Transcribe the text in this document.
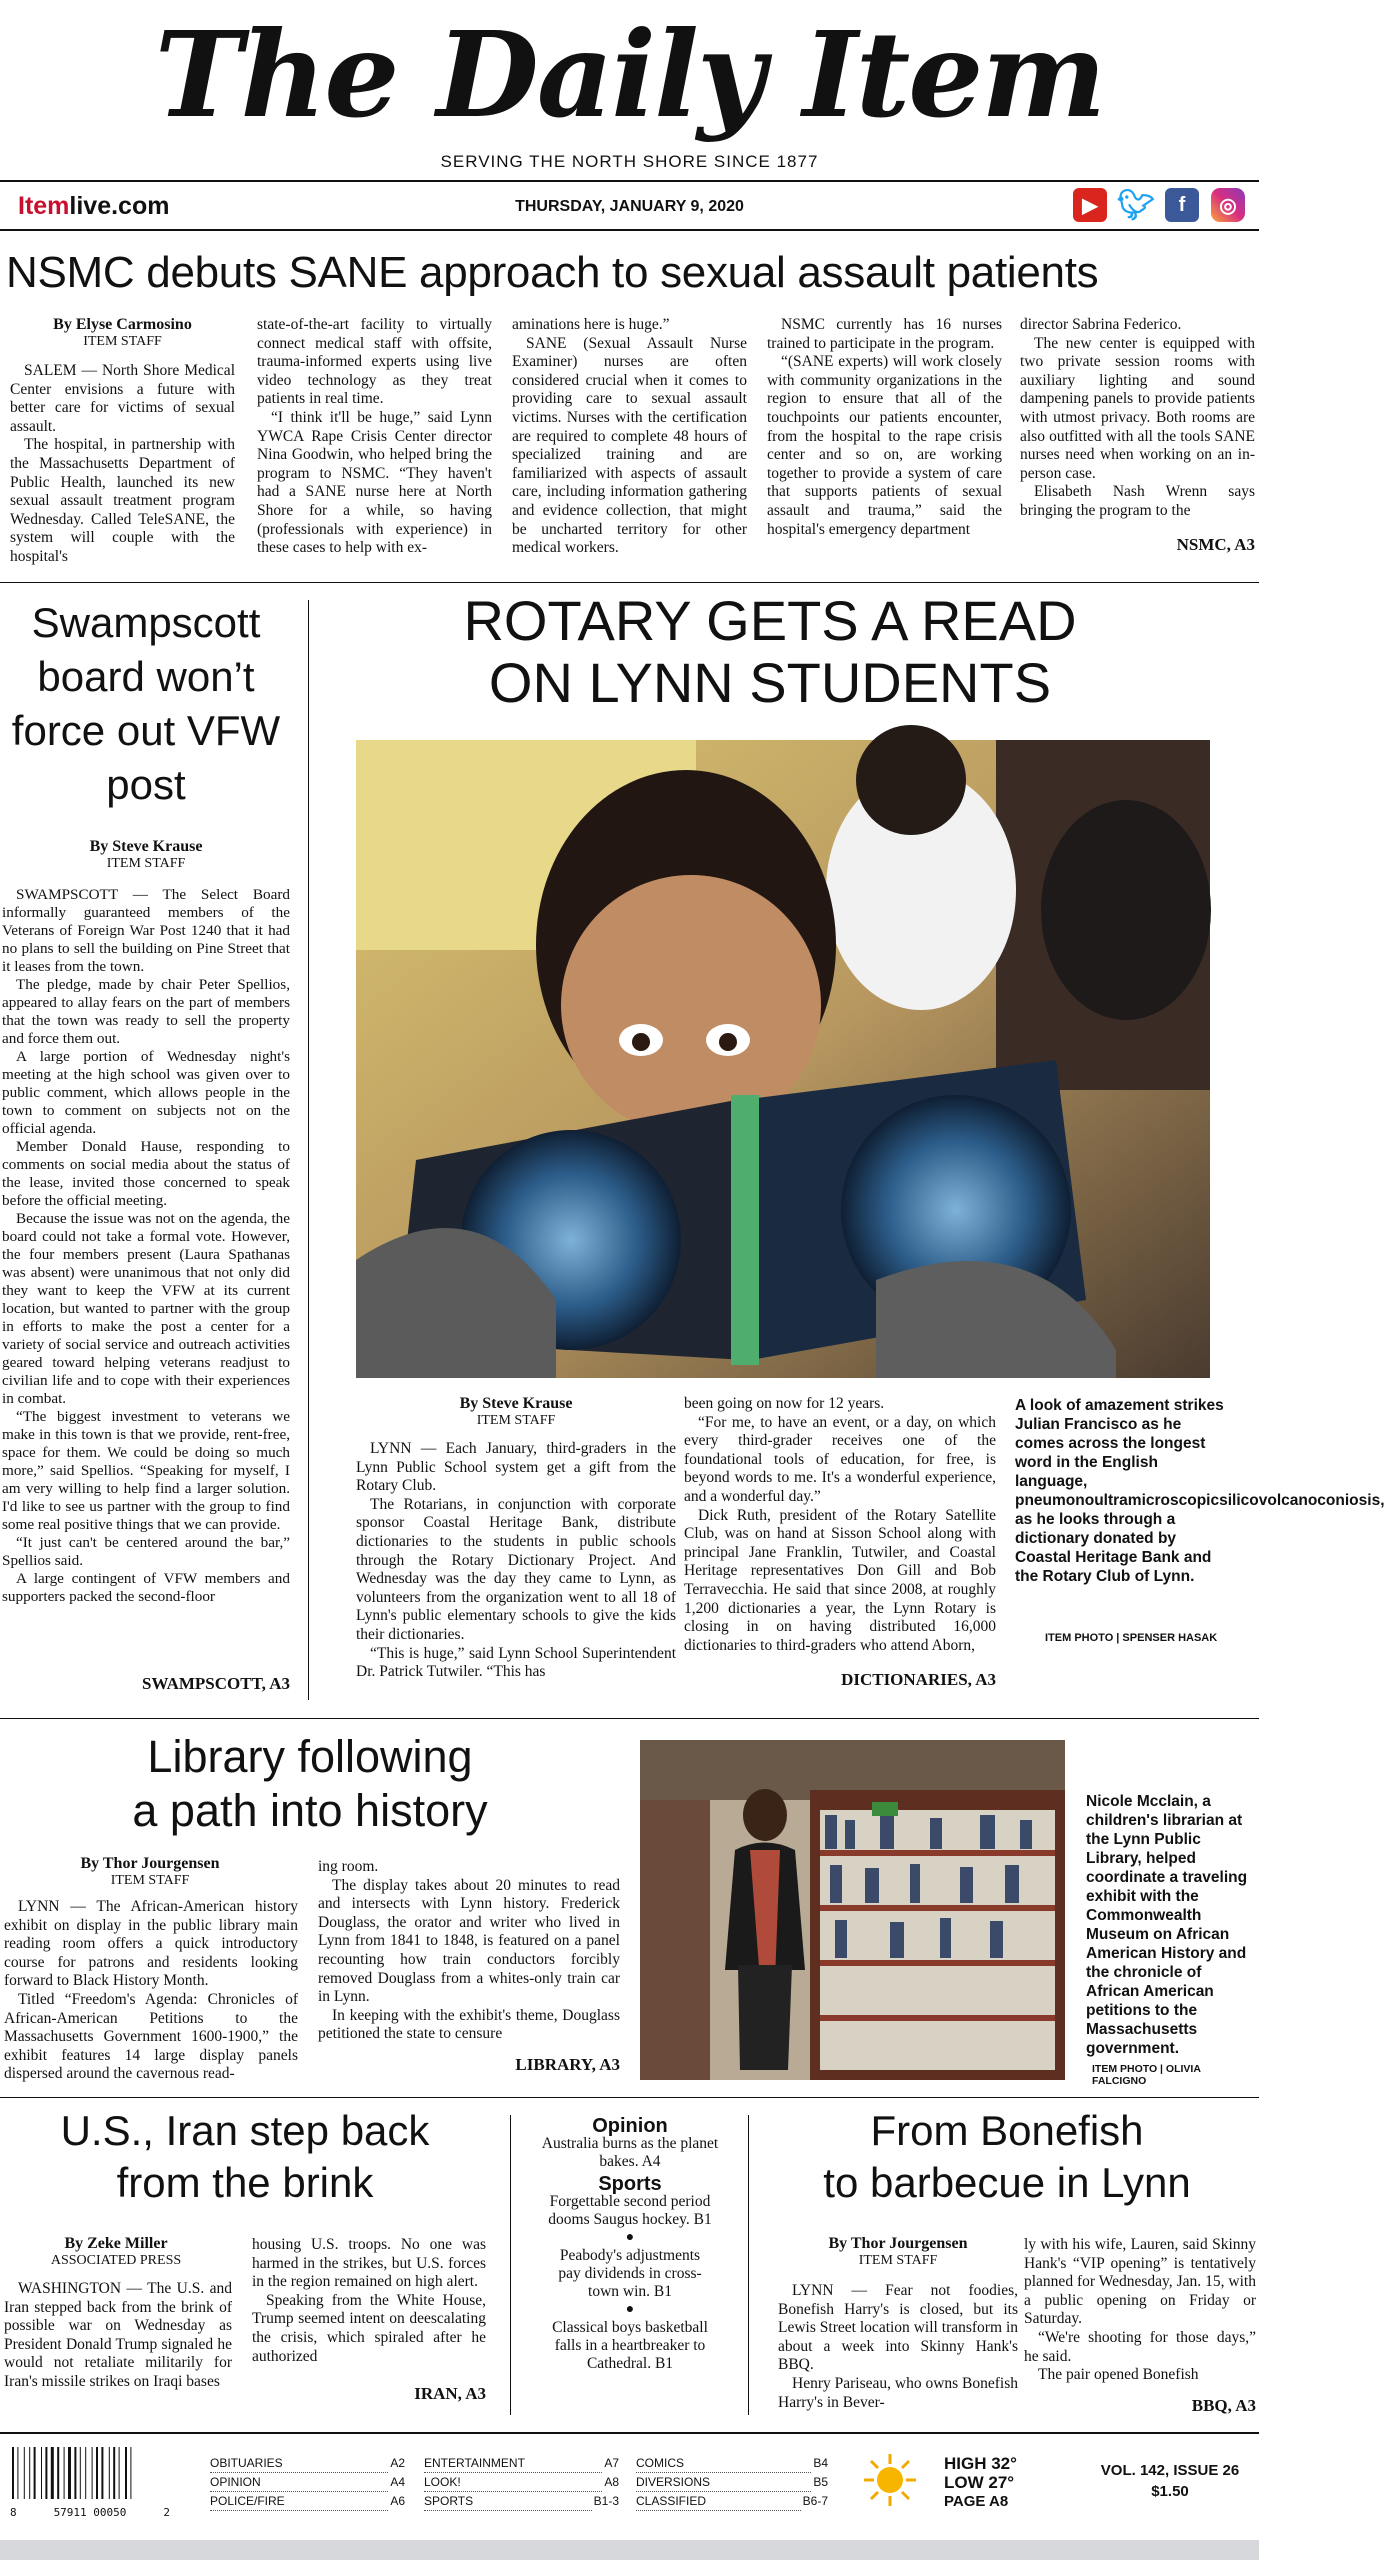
The Daily Item
SERVING THE NORTH SHORE SINCE 1877
Itemlive.com	THURSDAY, JANUARY 9, 2020	▶ 🐦︎	f	◎
NSMC debuts SANE approach to sexual assault patients
By Elyse Carmosino
ITEM STAFF

SALEM — North Shore Medical Center envisions a future with better care for victims of sexual assault.

The hospital, in partnership with the Massachusetts Department of Public Health, launched its new sexual assault treatment program Wednesday. Called TeleSANE, the system will couple with the hospital's

state-of-the-art facility to virtually connect medical staff with offsite, trauma-informed experts using live video technology as they treat patients in real time.

“I think it'll be huge,” said Lynn YWCA Rape Crisis Center director Nina Goodwin, who helped bring the program to NSMC. “They haven't had a SANE nurse here at North Shore for a while, so having (professionals with experience) in these cases to help with ex-

aminations here is huge.”

SANE (Sexual Assault Nurse Examiner) nurses are often considered crucial when it comes to providing care to sexual assault victims. Nurses with the certification are required to complete 48 hours of specialized training and are familiarized with aspects of assault care, including information gathering and evidence collection, that might be uncharted territory for other medical workers.

NSMC currently has 16 nurses trained to participate in the program.

“(SANE experts) will work closely with community organizations in the region to ensure that all of the touchpoints our patients encounter, from the hospital to the rape crisis center and so on, are working together to provide a system of care that supports patients of sexual assault and trauma,” said the hospital's emergency department

director Sabrina Federico.

The new center is equipped with two private session rooms with auxiliary lighting and sound dampening panels to provide patients with utmost privacy. Both rooms are also outfitted with all the tools SANE nurses need when working on an in-person case.

Elisabeth Nash Wrenn says bringing the program to the

NSMC, A3
Swampscott board won’t force out VFW post
By Steve Krause
ITEM STAFF

SWAMPSCOTT — The Select Board informally guaranteed members of the Veterans of Foreign War Post 1240 that it had no plans to sell the building on Pine Street that it leases from the town.

The pledge, made by chair Peter Spellios, appeared to allay fears on the part of members that the town was ready to sell the property and force them out.

A large portion of Wednesday night's meeting at the high school was given over to public comment, which allows people in the town to comment on subjects not on the official agenda.

Member Donald Hause, responding to comments on social media about the status of the lease, invited those concerned to speak before the official meeting.

Because the issue was not on the agenda, the board could not take a formal vote. However, the four members present (Laura Spathanas was absent) were unanimous that not only did they want to keep the VFW at its current location, but wanted to partner with the group in efforts to make the post a center for a variety of social service and outreach activities geared toward helping veterans readjust to civilian life and to cope with their experiences in combat.

“The biggest investment to veterans we make in this town is that we provide, rent-free, space for them. We could be doing so much more,” said Spellios. “Speaking for myself, I am very willing to help find a larger solution. I'd like to see us partner with the group to find some real positive things that we can provide.

“It just can't be centered around the bar,” Spellios said.

A large contingent of VFW members and supporters packed the second-floor

SWAMPSCOTT, A3
ROTARY GETS A READ
ON LYNN STUDENTS
By Steve Krause
ITEM STAFF

LYNN — Each January, third-graders in the Lynn Public School system get a gift from the Rotary Club.

The Rotarians, in conjunction with corporate sponsor Coastal Heritage Bank, distribute dictionaries to the students in public schools through the Rotary Dictionary Project. And Wednesday was the day they came to Lynn, as volunteers from the organization went to all 18 of Lynn's public elementary schools to give the kids their dictionaries.

“This is huge,” said Lynn School Superintendent Dr. Patrick Tutwiler. “This has

been going on now for 12 years.

“For me, to have an event, or a day, on which every third-grader receives one of the foundational tools of education, for free, is beyond words to me. It's a wonderful experience, and a wonderful day.”

Dick Ruth, president of the Rotary Satellite Club, was on hand at Sisson School along with principal Jane Franklin, Tutwiler, and Coastal Heritage representatives Don Gill and Bob Terravecchia. He said that since 2008, at roughly 1,200 dictionaries a year, the Lynn Rotary is closing in on having distributed 16,000 dictionaries to third-graders who attend Aborn,

DICTIONARIES, A3
A look of amazement strikes Julian Francisco as he comes across the longest word in the English language, pneumonoultramicroscopicsilicovolcanoconiosis, as he looks through a dictionary donated by Coastal Heritage Bank and the Rotary Club of Lynn.
ITEM PHOTO | SPENSER HASAK
Library following
a path into history
By Thor Jourgensen
ITEM STAFF

LYNN — The African-American history exhibit on display in the public library main reading room offers a quick introductory course for patrons and residents looking forward to Black History Month.

Titled “Freedom's Agenda: Chronicles of African-American Petitions to the Massachusetts Government 1600-1900,” the exhibit features 14 large display panels dispersed around the cavernous read-

ing room.

The display takes about 20 minutes to read and intersects with Lynn history. Frederick Douglass, the orator and writer who lived in Lynn from 1841 to 1848, is featured on a panel recounting how train conductors forcibly removed Douglass from a whites-only train car in Lynn.

In keeping with the exhibit's theme, Douglass petitioned the state to censure

LIBRARY, A3
Nicole Mcclain, a children's librarian at the Lynn Public Library, helped coordinate a traveling exhibit with the Commonwealth Museum on African American History and the chronicle of African American petitions to the Massachusetts government.
ITEM PHOTO | OLIVIA FALCIGNO
U.S., Iran step back
from the brink
By Zeke Miller
ASSOCIATED PRESS

WASHINGTON — The U.S. and Iran stepped back from the brink of possible war on Wednesday as President Donald Trump signaled he would not retaliate militarily for Iran's missile strikes on Iraqi bases

housing U.S. troops. No one was harmed in the strikes, but U.S. forces in the region remained on high alert.

Speaking from the White House, Trump seemed intent on deescalating the crisis, which spiraled after he authorized

IRAN, A3
Opinion
Australia burns as the planet bakes. A4
Sports
Forgettable second period dooms Saugus hockey. B1
●
Peabody's adjustments pay dividends in cross-town win. B1
●
Classical boys basketball falls in a heartbreaker to Cathedral. B1
From Bonefish
to barbecue in Lynn
By Thor Jourgensen
ITEM STAFF

LYNN — Fear not foodies, Bonefish Harry's is closed, but its Lewis Street location will transform in about a week into Skinny Hank's BBQ.

Henry Pariseau, who owns Bonefish Harry's in Bever-

ly with his wife, Lauren, said Skinny Hank's “VIP opening” is tentatively planned for Wednesday, Jan. 15, with a public opening on Friday or Saturday.

“We're shooting for those days,” he said.

The pair opened Bonefish

BBQ, A3
8	57911 00050	2
OBITUARIES	A2
OPINION	A4
POLICE/FIRE	A6
ENTERTAINMENT	A7
LOOK!	A8
SPORTS	B1-3
COMICS	B4
DIVERSIONS	B5
CLASSIFIED	B6-7
HIGH 32°
LOW 27°
PAGE A8
VOL. 142, ISSUE 26
$1.50
